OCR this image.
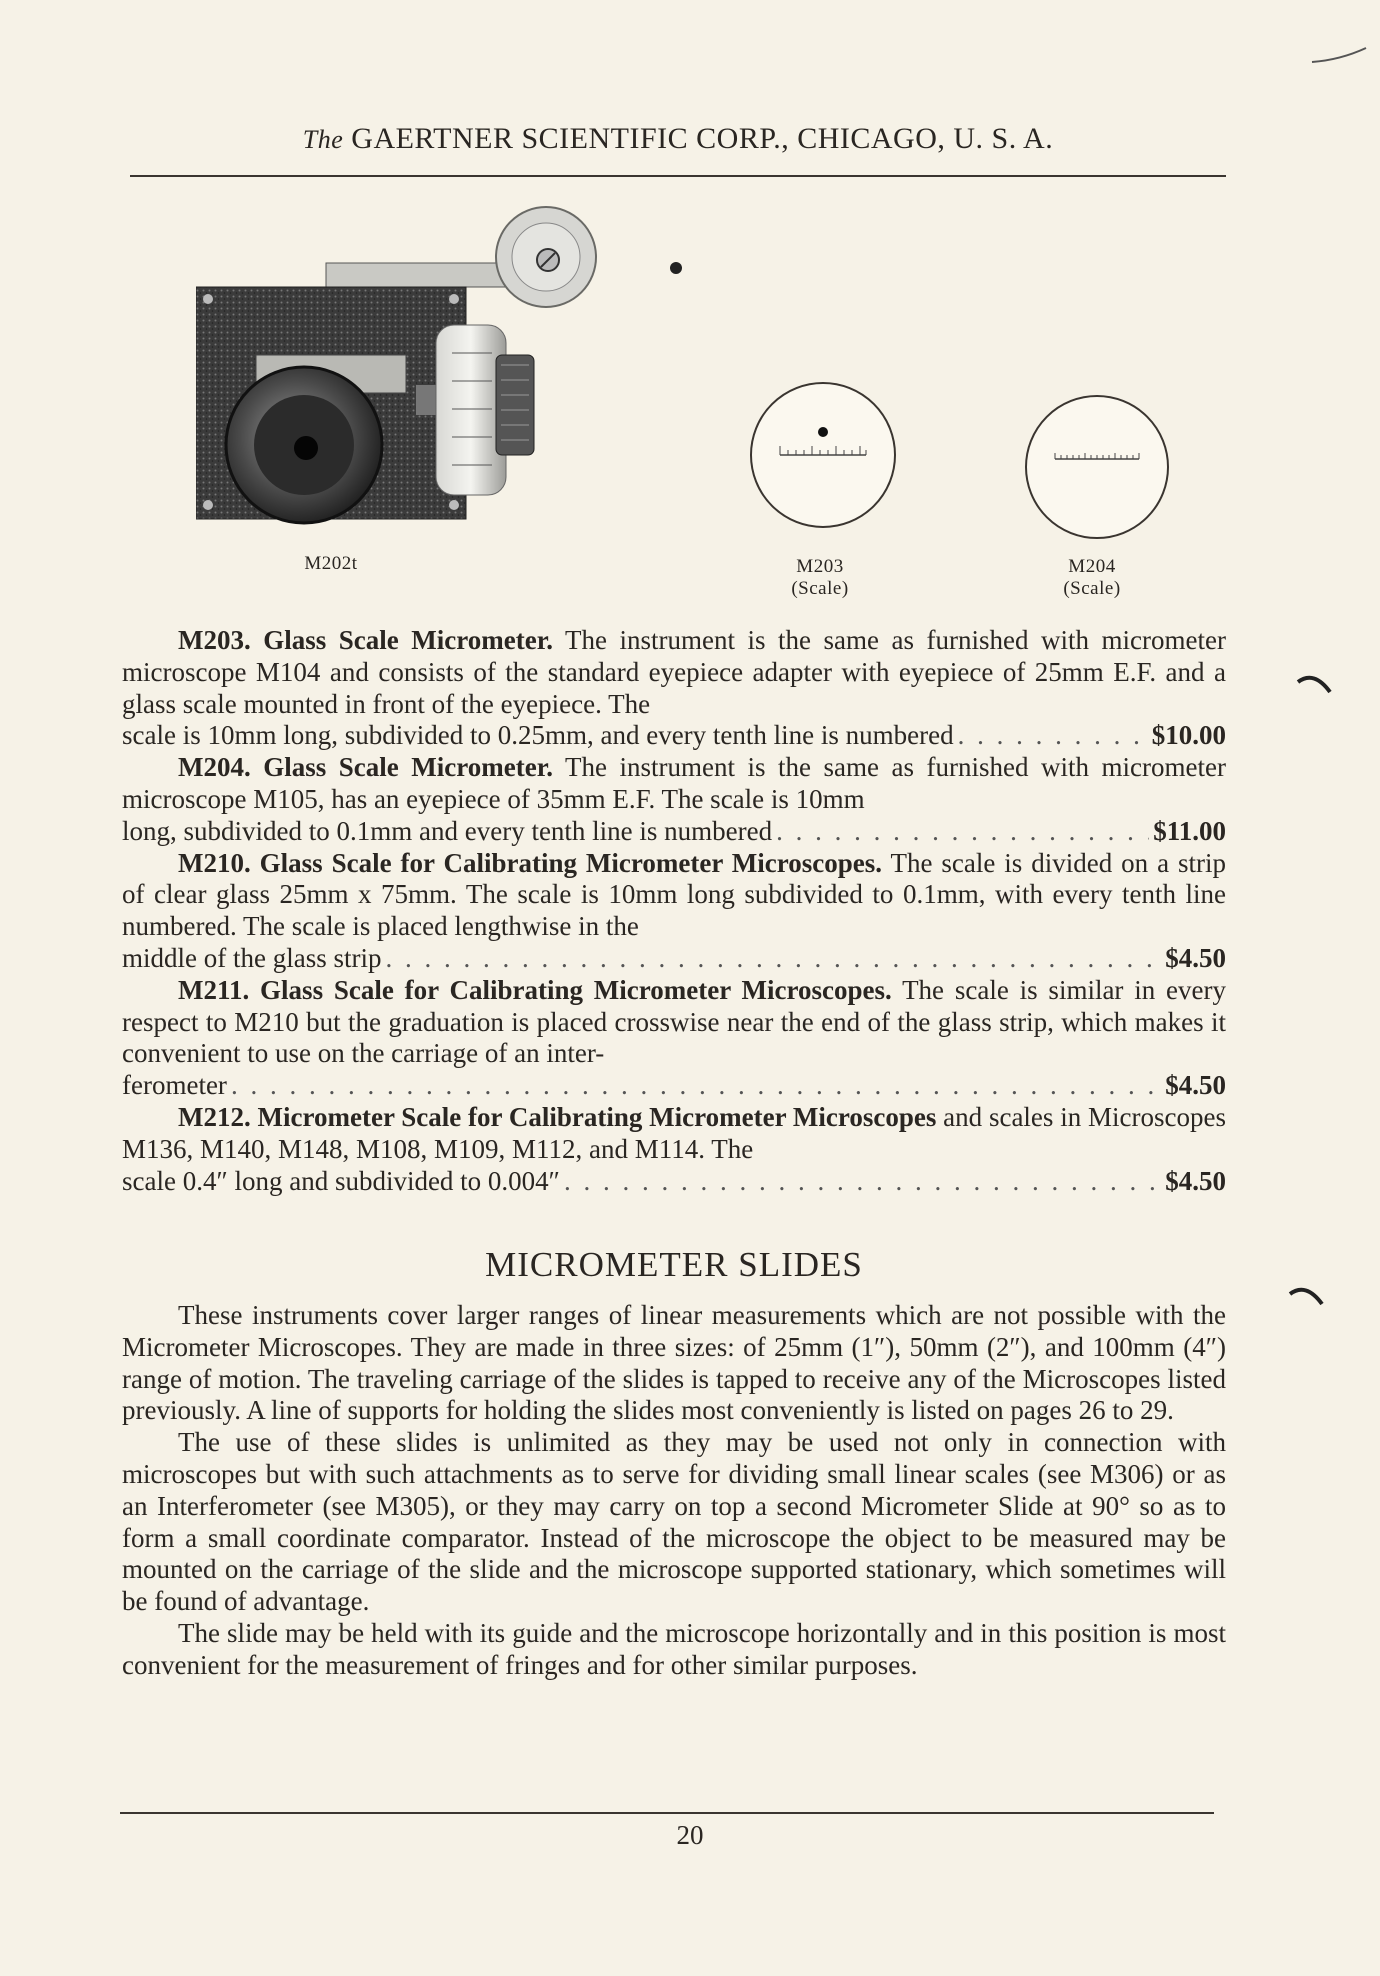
The GAERTNER SCIENTIFIC CORP., CHICAGO, U. S. A.
M202t	M203
(Scale)
M204
(Scale)

M203. Glass Scale Micrometer. The instrument is the same as furnished with micrometer microscope M104 and consists of the standard eyepiece adapter with eyepiece of 25mm E.F. and a glass scale mounted in front of the eyepiece. The

scale is 10mm long, subdivided to 0.25mm, and every tenth line is numbered . . .	$10.00

M204. Glass Scale Micrometer. The instrument is the same as furnished with micrometer microscope M105, has an eyepiece of 35mm E.F. The scale is 10mm

long, subdivided to 0.1mm and every tenth line is numbered . . .	$11.00

M210. Glass Scale for Calibrating Micrometer Microscopes. The scale is divided on a strip of clear glass 25mm x 75mm. The scale is 10mm long subdivided to 0.1mm, with every tenth line numbered. The scale is placed lengthwise in the

middle of the glass strip . . .	$4.50

M211. Glass Scale for Calibrating Micrometer Microscopes. The scale is similar in every respect to M210 but the graduation is placed crosswise near the end of the glass strip, which makes it convenient to use on the carriage of an inter-

ferometer . . .	$4.50

M212. Micrometer Scale for Calibrating Micrometer Microscopes and scales in Microscopes M136, M140, M148, M108, M109, M112, and M114. The

scale 0.4″ long and subdivided to 0.004″ . . .	$4.50
MICROMETER SLIDES

These instruments cover larger ranges of linear measurements which are not possible with the Micrometer Microscopes. They are made in three sizes: of 25mm (1″), 50mm (2″), and 100mm (4″) range of motion. The traveling carriage of the slides is tapped to receive any of the Microscopes listed previously. A line of supports for holding the slides most conveniently is listed on pages 26 to 29.

The use of these slides is unlimited as they may be used not only in connection with microscopes but with such attachments as to serve for dividing small linear scales (see M306) or as an Interferometer (see M305), or they may carry on top a second Micrometer Slide at 90° so as to form a small coordinate comparator. Instead of the microscope the object to be measured may be mounted on the carriage of the slide and the microscope supported stationary, which sometimes will be found of advantage.

The slide may be held with its guide and the microscope horizontally and in this position is most convenient for the measurement of fringes and for other similar purposes.

20
